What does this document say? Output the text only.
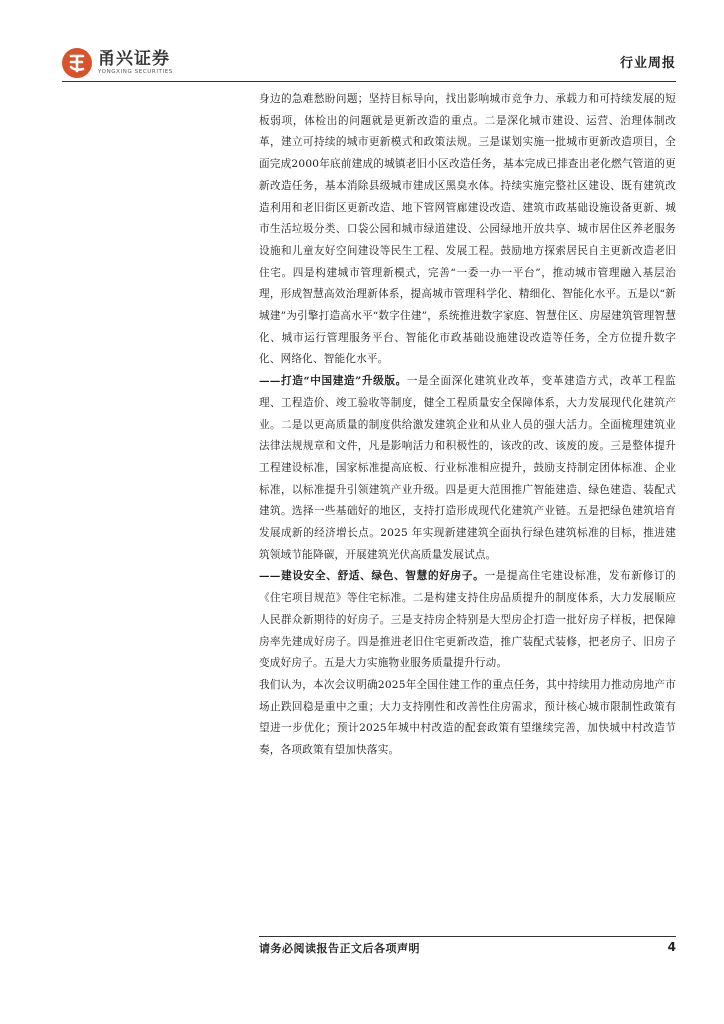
甬兴证券
YONGXING SECURITIES
行业周报

身边的急难愁盼问题；坚持目标导向，找出影响城市竞争力、承载力和可持续发展的短板弱项，体检出的问题就是更新改造的重点。二是深化城市建设、运营、治理体制改革，建立可持续的城市更新模式和政策法规。三是谋划实施一批城市更新改造项目，全面完成2000年底前建成的城镇老旧小区改造任务，基本完成已排查出老化燃气管道的更新改造任务，基本消除县级城市建成区黑臭水体。持续实施完整社区建设、既有建筑改造利用和老旧街区更新改造、地下管网管廊建设改造、建筑市政基础设施设备更新、城市生活垃圾分类、口袋公园和城市绿道建设、公园绿地开放共享、城市居住区养老服务设施和儿童友好空间建设等民生工程、发展工程。鼓励地方探索居民自主更新改造老旧住宅。四是构建城市管理新模式，完善“一委一办一平台”，推动城市管理融入基层治理，形成智慧高效治理新体系，提高城市管理科学化、精细化、智能化水平。五是以“新城建”为引擎打造高水平“数字住建”，系统推进数字家庭、智慧住区、房屋建筑管理智慧化、城市运行管理服务平台、智能化市政基础设施建设改造等任务，全方位提升数字化、网络化、智能化水平。

——打造“中国建造”升级版。一是全面深化建筑业改革，变革建造方式，改革工程监理、工程造价、竣工验收等制度，健全工程质量安全保障体系，大力发展现代化建筑产业。二是以更高质量的制度供给激发建筑企业和从业人员的强大活力。全面梳理建筑业法律法规规章和文件，凡是影响活力和积极性的，该改的改、该废的废。三是整体提升工程建设标准，国家标准提高底板、行业标准相应提升，鼓励支持制定团体标准、企业标准，以标准提升引领建筑产业升级。四是更大范围推广智能建造、绿色建造、装配式建筑。选择一些基础好的地区，支持打造形成现代化建筑产业链。五是把绿色建筑培育发展成新的经济增长点。2025 年实现新建建筑全面执行绿色建筑标准的目标，推进建筑领域节能降碳，开展建筑光伏高质量发展试点。

——建设安全、舒适、绿色、智慧的好房子。一是提高住宅建设标准，发布新修订的《住宅项目规范》等住宅标准。二是构建支持住房品质提升的制度体系，大力发展顺应人民群众新期待的好房子。三是支持房企特别是大型房企打造一批好房子样板，把保障房率先建成好房子。四是推进老旧住宅更新改造，推广装配式装修，把老房子、旧房子变成好房子。五是大力实施物业服务质量提升行动。

我们认为，本次会议明确2025年全国住建工作的重点任务，其中持续用力推动房地产市场止跌回稳是重中之重；大力支持刚性和改善性住房需求，预计核心城市限制性政策有望进一步优化；预计2025年城中村改造的配套政策有望继续完善，加快城中村改造节奏，各项政策有望加快落实。

请务必阅读报告正文后各项声明	4
